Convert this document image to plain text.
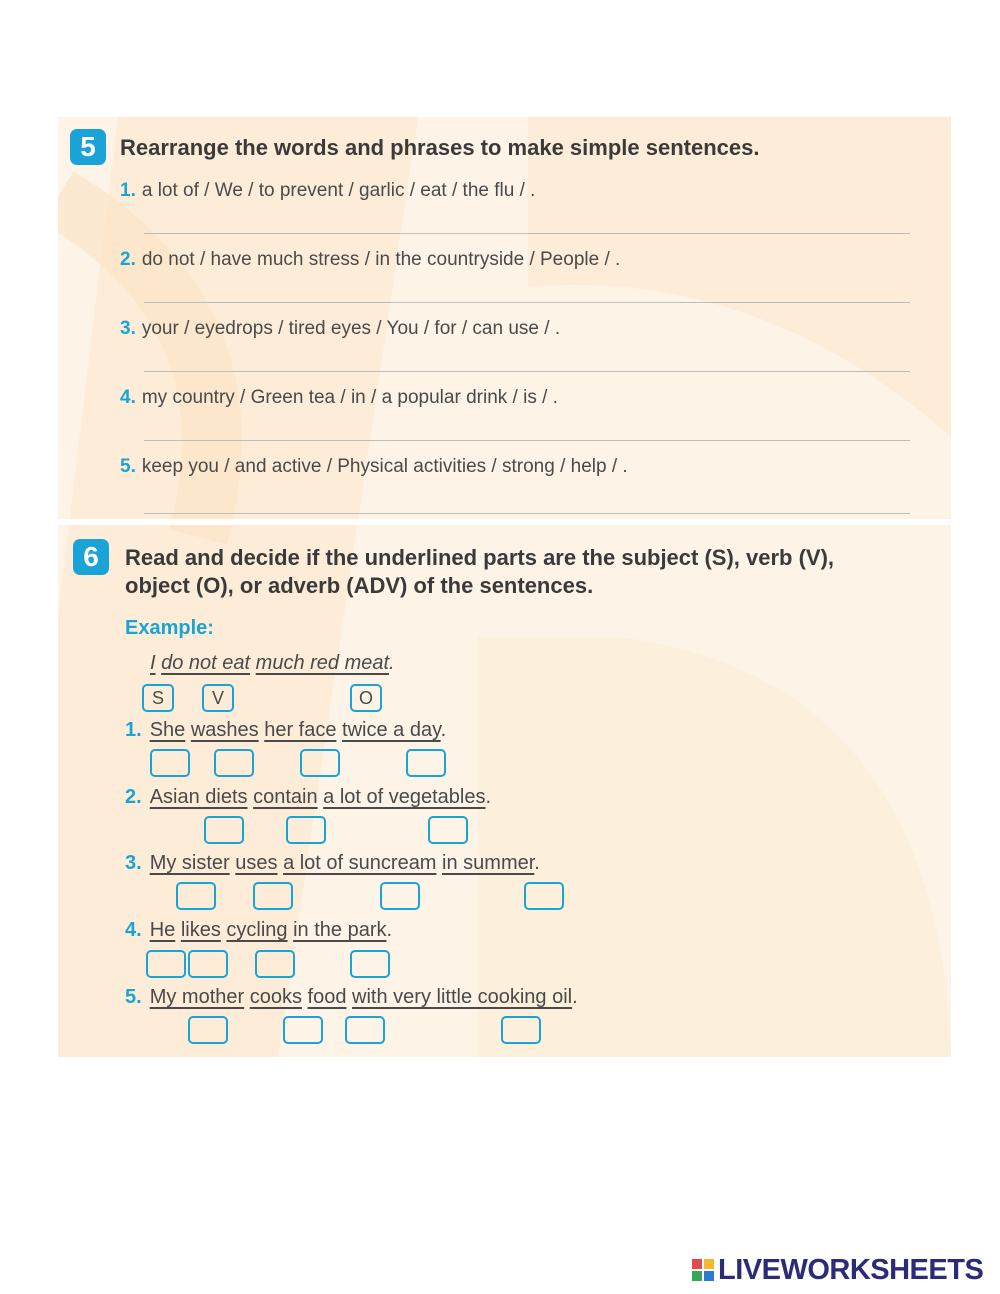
5	Rearrange the words and phrases to make simple sentences.
1. a lot of / We / to prevent / garlic / eat / the flu / .
2. do not / have much stress / in the countryside / People / .
3. your / eyedrops / tired eyes / You / for / can use / .
4. my country / Green tea / in / a popular drink / is / .
5. keep you / and active / Physical activities / strong / help / .
6	Read and decide if the underlined parts are the subject (S), verb (V),
object (O), or adverb (ADV) of the sentences.
Example:
I do not eat much red meat.
S	V	O
1. She washes her face twice a day.
2. Asian diets contain a lot of vegetables.
3. My sister uses a lot of suncream in summer.
4. He likes cycling in the park.
5. My mother cooks food with very little cooking oil.
LIVEWORKSHEETS
